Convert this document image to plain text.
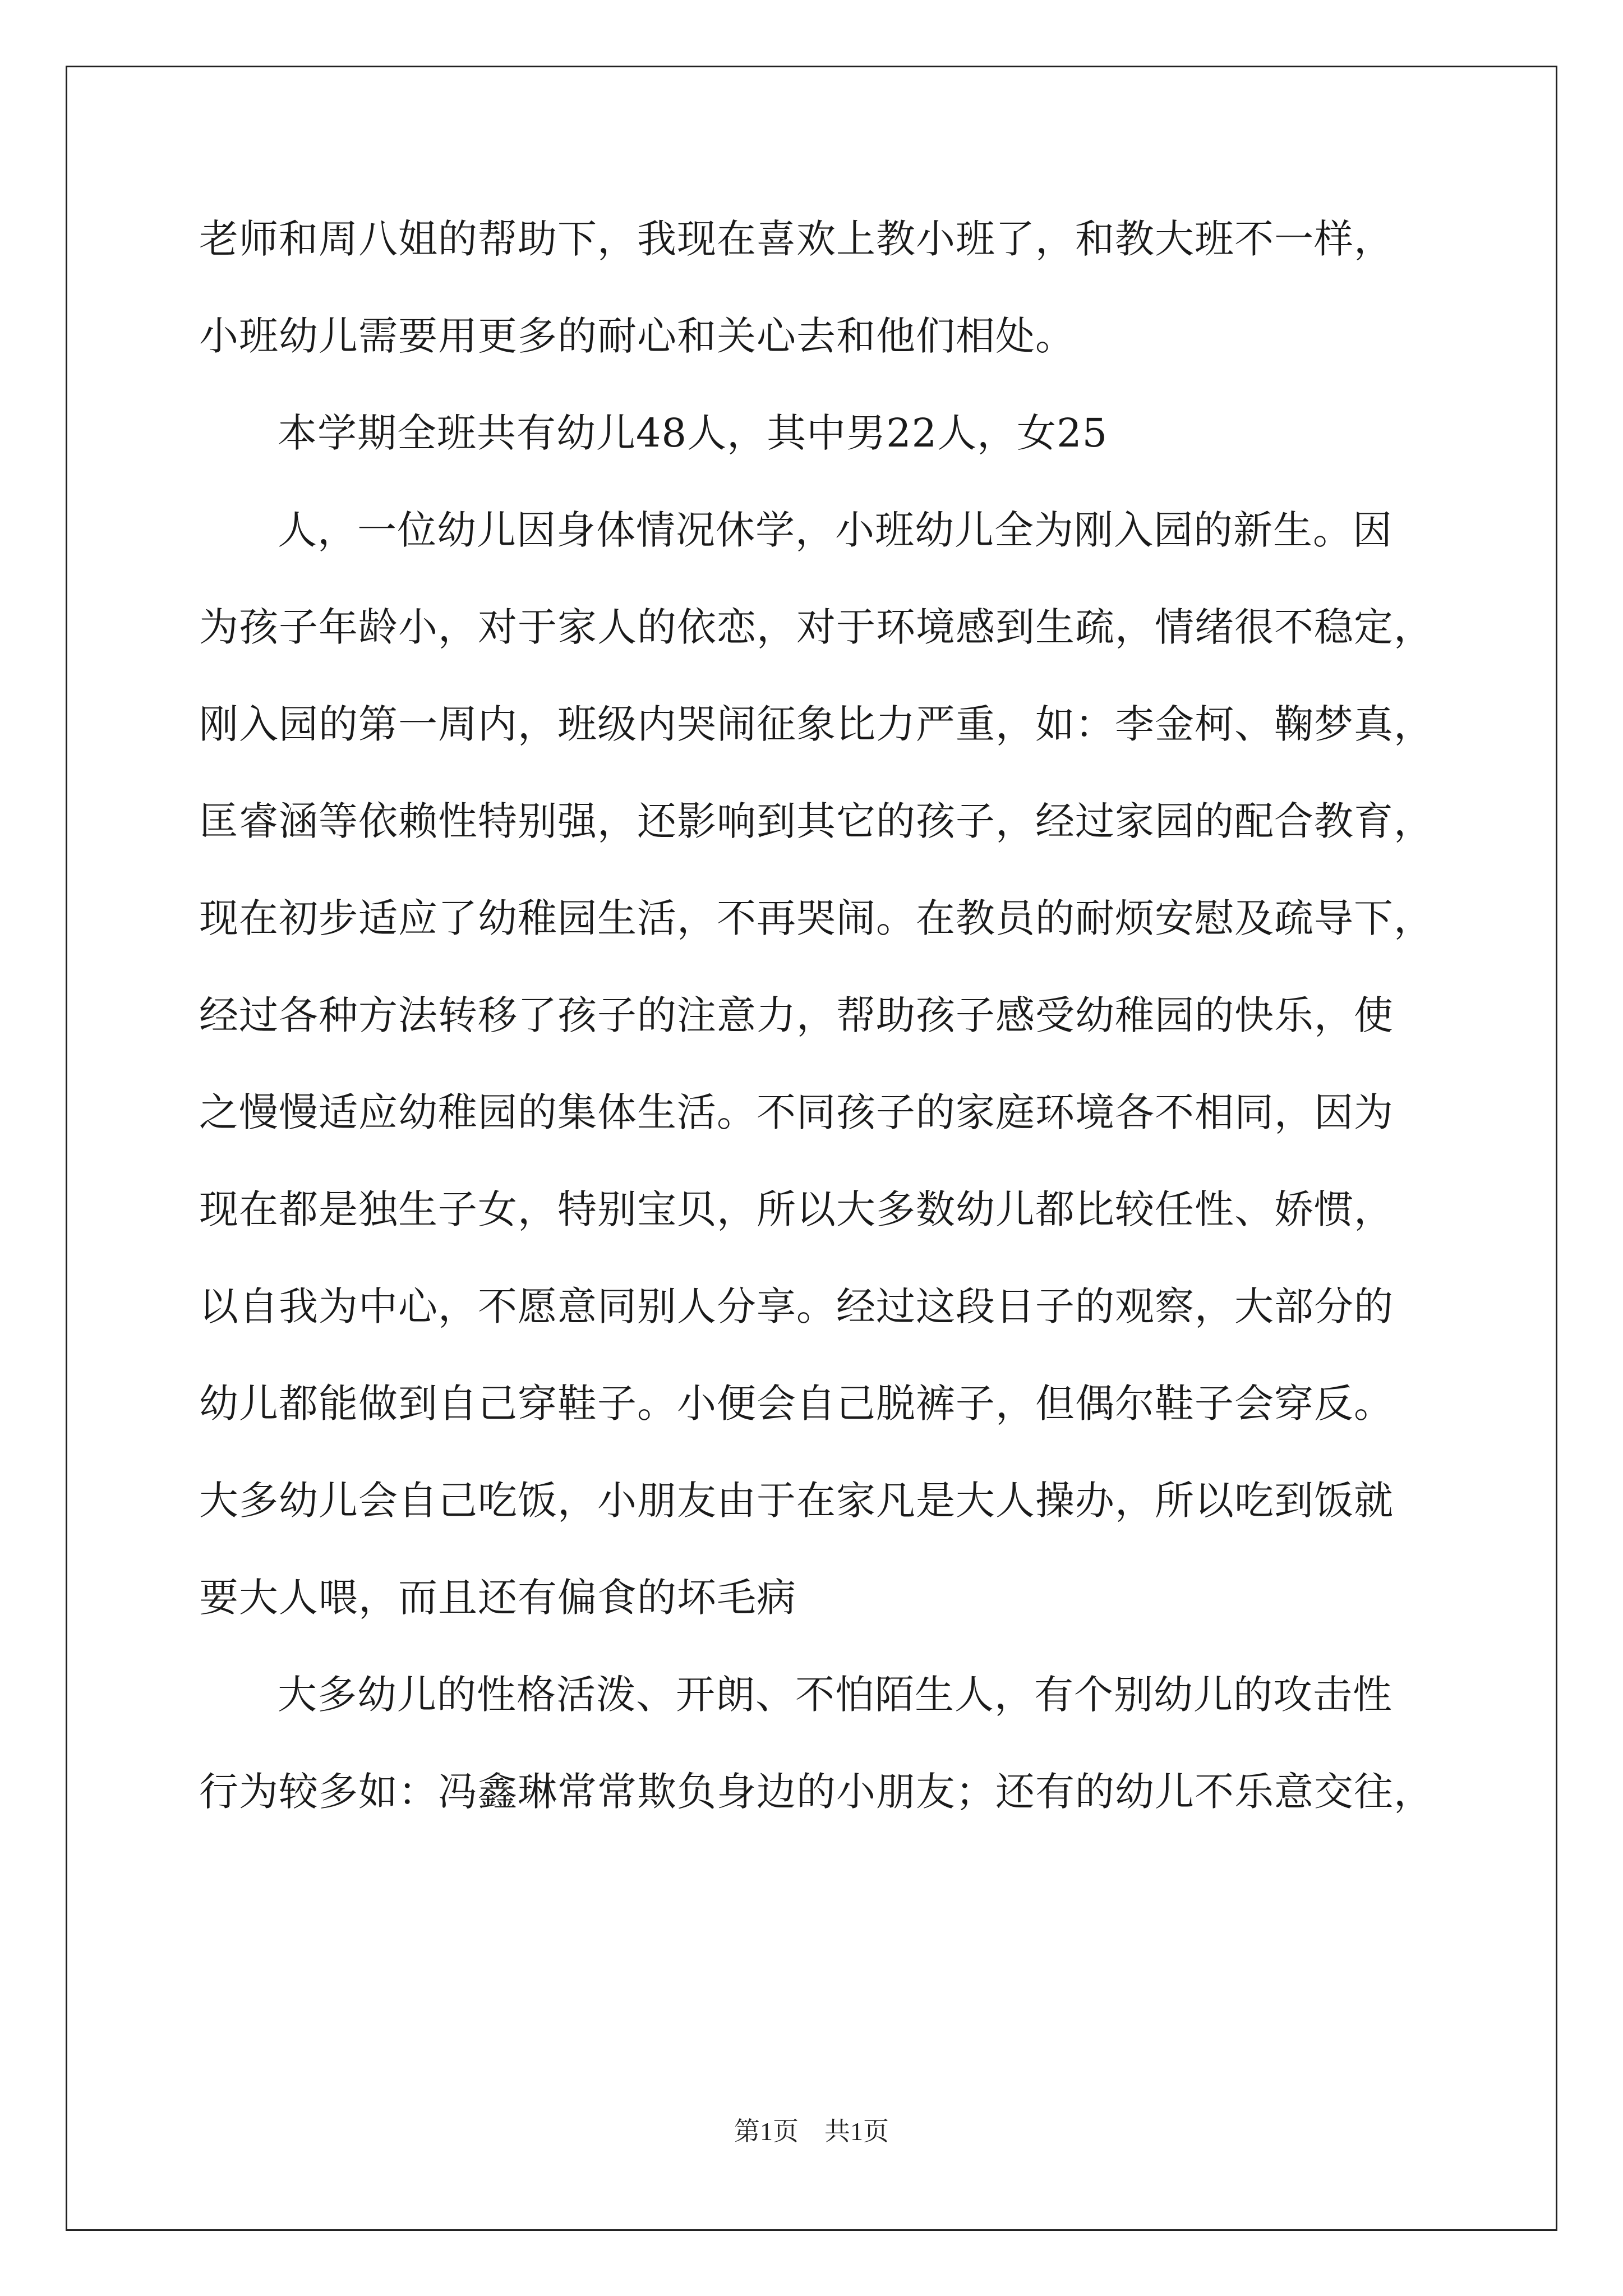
老师和周八姐的帮助下，我现在喜欢上教小班了，和教大班不一样，
小班幼儿需要用更多的耐心和关心去和他们相处。
本学期全班共有幼儿48人，其中男22人，女25
人，一位幼儿因身体情况休学，小班幼儿全为刚入园的新生。因
为孩子年龄小，对于家人的依恋，对于环境感到生疏，情绪很不稳定，
刚入园的第一周内，班级内哭闹征象比力严重，如：李金柯、鞠梦真，
匡睿涵等依赖性特别强，还影响到其它的孩子，经过家园的配合教育，
现在初步适应了幼稚园生活，不再哭闹。在教员的耐烦安慰及疏导下，
经过各种方法转移了孩子的注意力，帮助孩子感受幼稚园的快乐，使
之慢慢适应幼稚园的集体生活。不同孩子的家庭环境各不相同，因为
现在都是独生子女，特别宝贝，所以大多数幼儿都比较任性、娇惯，
以自我为中心，不愿意同别人分享。经过这段日子的观察，大部分的
幼儿都能做到自己穿鞋子。小便会自己脱裤子，但偶尔鞋子会穿反。
大多幼儿会自己吃饭，小朋友由于在家凡是大人操办，所以吃到饭就
要大人喂，而且还有偏食的坏毛病
大多幼儿的性格活泼、开朗、不怕陌生人，有个别幼儿的攻击性
行为较多如：冯鑫琳常常欺负身边的小朋友；还有的幼儿不乐意交往，
第1页 共1页
